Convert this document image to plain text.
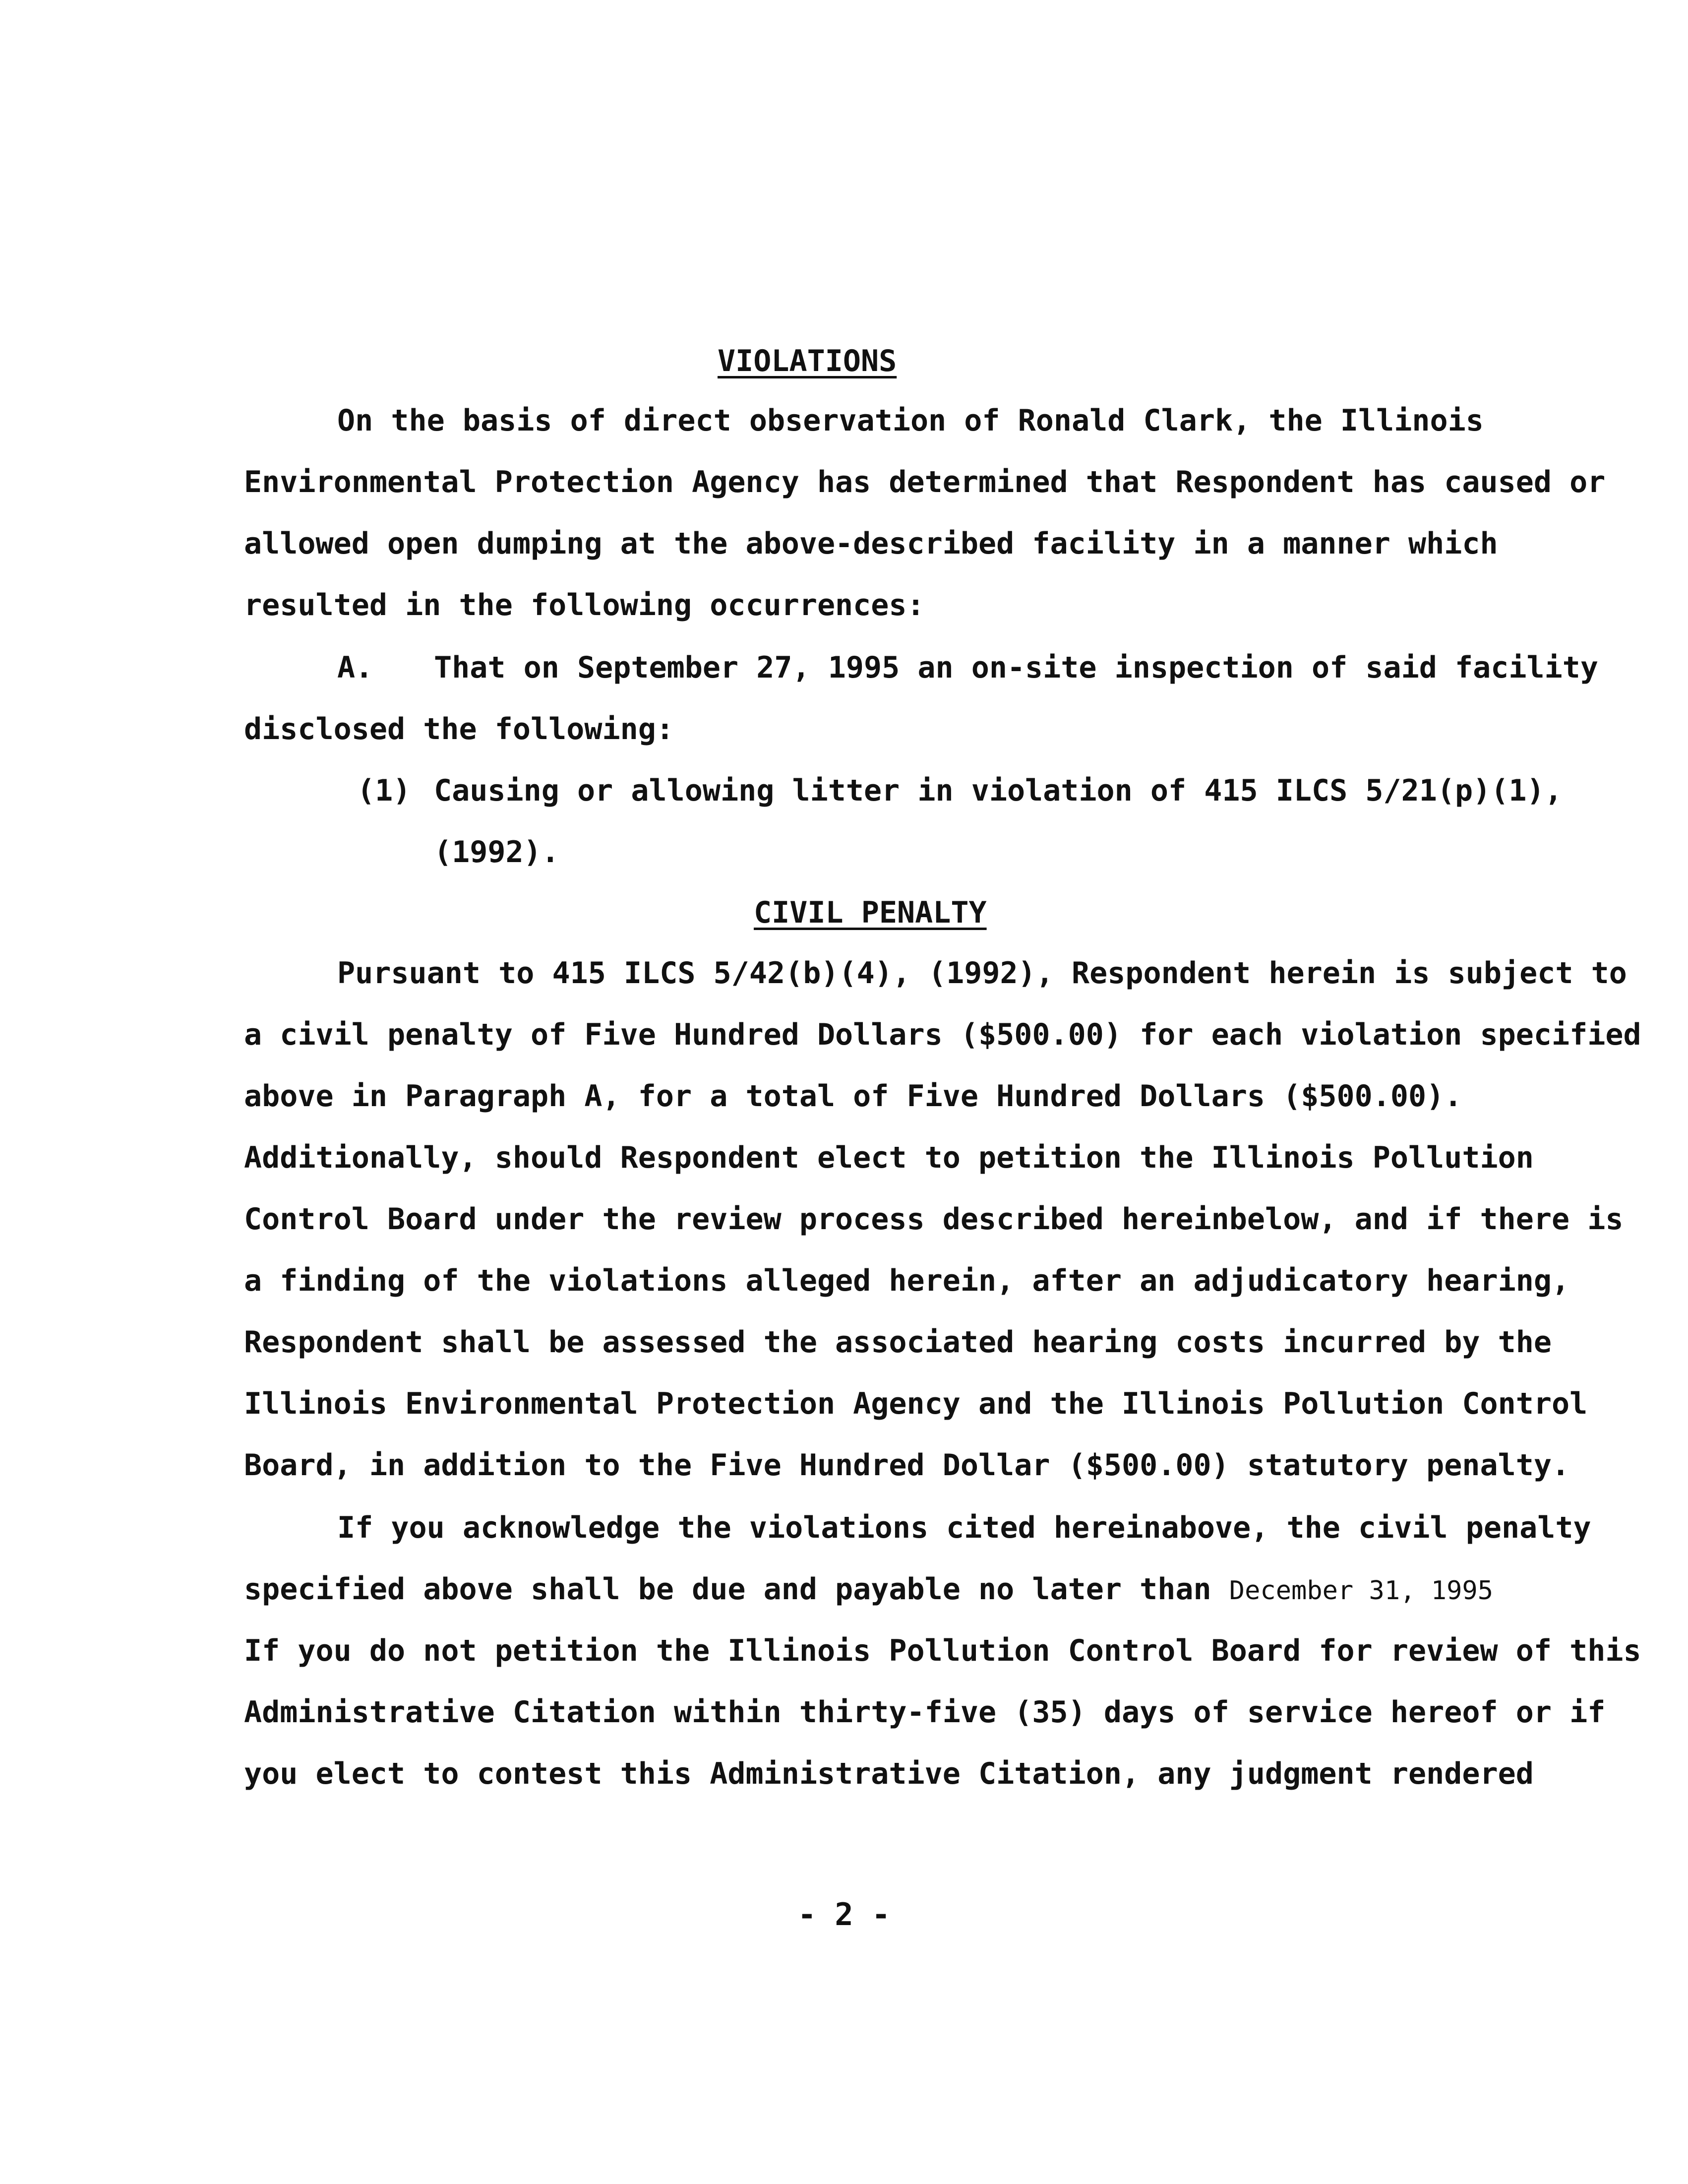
VIOLATIONS
On the basis of direct observation of Ronald Clark, the Illinois
Environmental Protection Agency has determined that Respondent has caused or
allowed open dumping at the above-described facility in a manner which
resulted in the following occurrences:
A. That on September 27, 1995 an on-site inspection of said facility
disclosed the following:
(1) Causing or allowing litter in violation of 415 ILCS 5/21(p)(1),
(1992).
CIVIL PENALTY
Pursuant to 415 ILCS 5/42(b)(4), (1992), Respondent herein is subject to
a civil penalty of Five Hundred Dollars ($500.00) for each violation specified
above in Paragraph A, for a total of Five Hundred Dollars ($500.00).
Additionally, should Respondent elect to petition the Illinois Pollution
Control Board under the review process described hereinbelow, and if there is
a finding of the violations alleged herein, after an adjudicatory hearing,
Respondent shall be assessed the associated hearing costs incurred by the
Illinois Environmental Protection Agency and the Illinois Pollution Control
Board, in addition to the Five Hundred Dollar ($500.00) statutory penalty.
If you acknowledge the violations cited hereinabove, the civil penalty
specified above shall be due and payable no later than December 31, 1995
If you do not petition the Illinois Pollution Control Board for review of this
Administrative Citation within thirty-five (35) days of service hereof or if
you elect to contest this Administrative Citation, any judgment rendered
- 2 -
